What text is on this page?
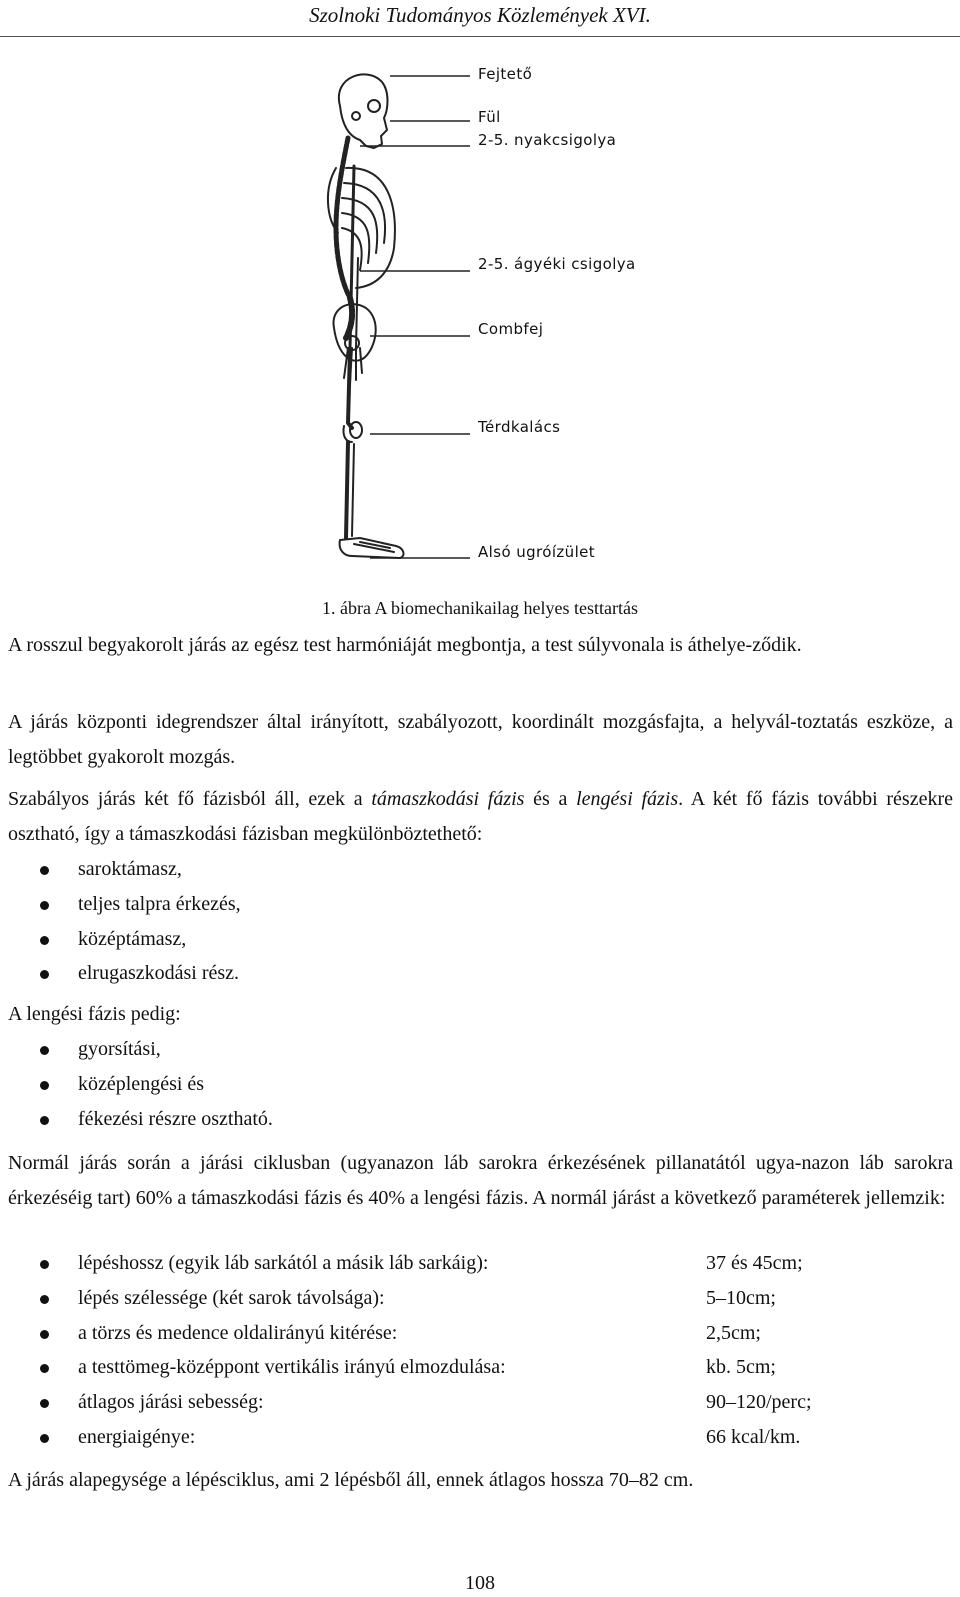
Szolnoki Tudományos Közlemények XVI.
Fejtető
Fül
2-5. nyakcsigolya
2-5. ágyéki csigolya
Combfej
Térdkalács
Alsó ugróízület
1. ábra A biomechanikailag helyes testtartás

A rosszul begyakorolt járás az egész test harmóniáját megbontja, a test súlyvonala is áthelye-ződik.

A járás központi idegrendszer által irányított, szabályozott, koordinált mozgásfajta, a helyvál-toztatás eszköze, a legtöbbet gyakorolt mozgás.

Szabályos járás két fő fázisból áll, ezek a támaszkodási fázis és a lengési fázis. A két fő fázis további részekre osztható, így a támaszkodási fázisban megkülönböztethető:

saroktámasz,
teljes talpra érkezés,
középtámasz,
elrugaszkodási rész.

A lengési fázis pedig:

gyorsítási,
középlengési és
fékezési részre osztható.

Normál járás során a járási ciklusban (ugyanazon láb sarokra érkezésének pillanatától ugya-nazon láb sarokra érkezéséig tart) 60% a támaszkodási fázis és 40% a lengési fázis. A normál járást a következő paraméterek jellemzik:

lépéshossz (egyik láb sarkától a másik láb sarkáig):	37 és 45cm;
lépés szélessége (két sarok távolsága):	5–10cm;
a törzs és medence oldalirányú kitérése:	2,5cm;
a testtömeg-középpont vertikális irányú elmozdulása:	kb. 5cm;
átlagos járási sebesség:	90–120/perc;
energiaigénye:	66 kcal/km.

A járás alapegysége a lépésciklus, ami 2 lépésből áll, ennek átlagos hossza 70–82 cm.

108
